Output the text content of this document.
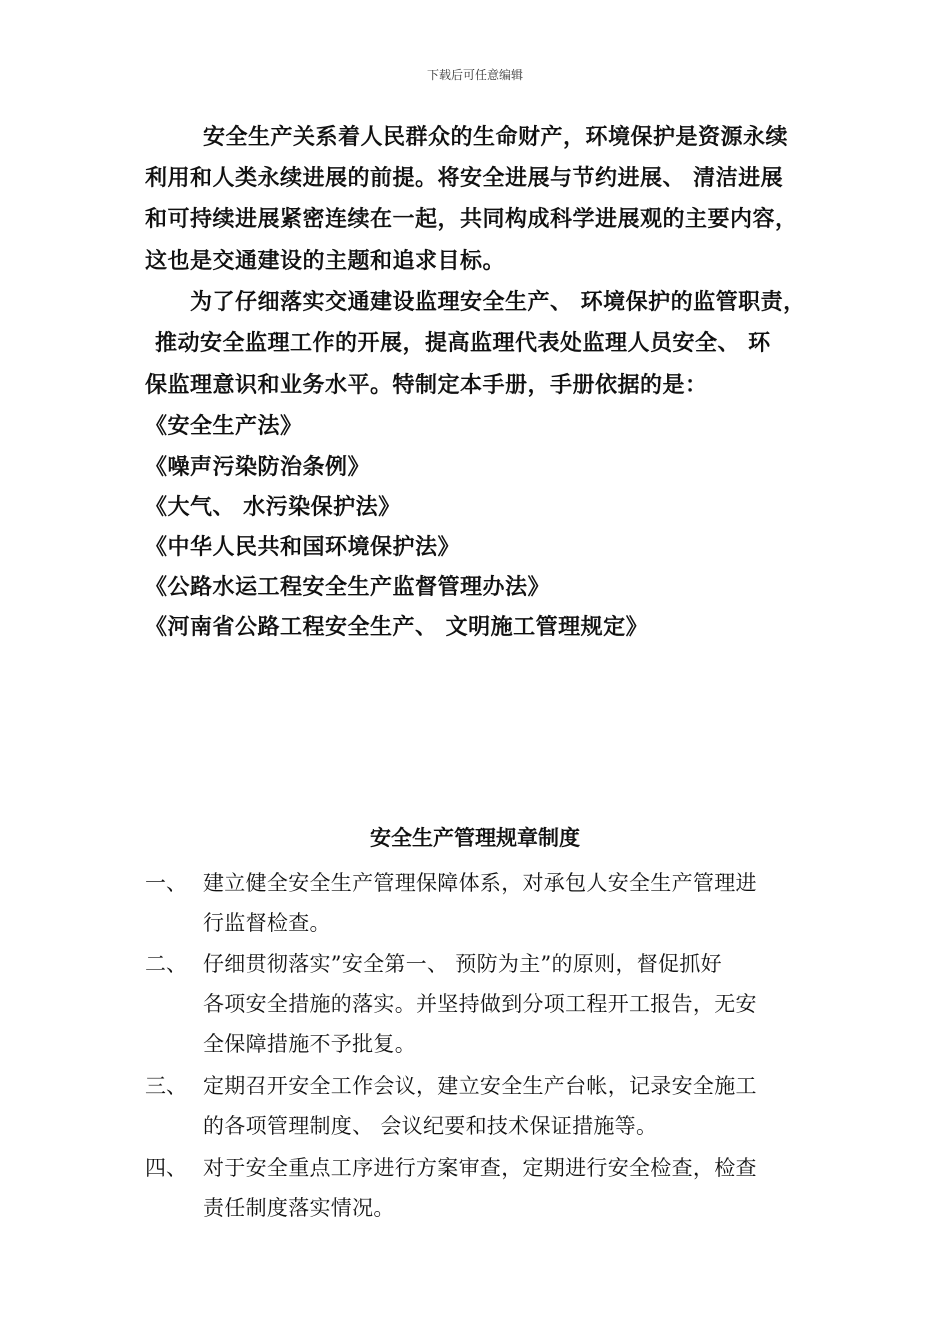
下载后可任意编辑
安全生产关系着人民群众的生命财产，环境保护是资源永续
利用和人类永续进展的前提。将安全进展与节约进展、 清洁进展
和可持续进展紧密连续在一起，共同构成科学进展观的主要内容，
这也是交通建设的主题和追求目标。
为了仔细落实交通建设监理安全生产、 环境保护的监管职责，
推动安全监理工作的开展，提高监理代表处监理人员安全、 环
保监理意识和业务水平。特制定本手册，手册依据的是：
《安全生产法》
《噪声污染防治条例》
《大气、 水污染保护法》
《中华人民共和国环境保护法》
《公路水运工程安全生产监督管理办法》
《河南省公路工程安全生产、 文明施工管理规定》
安全生产管理规章制度
一、 建立健全安全生产管理保障体系，对承包人安全生产管理进
行监督检查。
二、 仔细贯彻落实”安全第一、 预防为主”的原则，督促抓好
各项安全措施的落实。并坚持做到分项工程开工报告，无安
全保障措施不予批复。
三、 定期召开安全工作会议，建立安全生产台帐，记录安全施工
的各项管理制度、 会议纪要和技术保证措施等。
四、 对于安全重点工序进行方案审查，定期进行安全检查，检查
责任制度落实情况。
